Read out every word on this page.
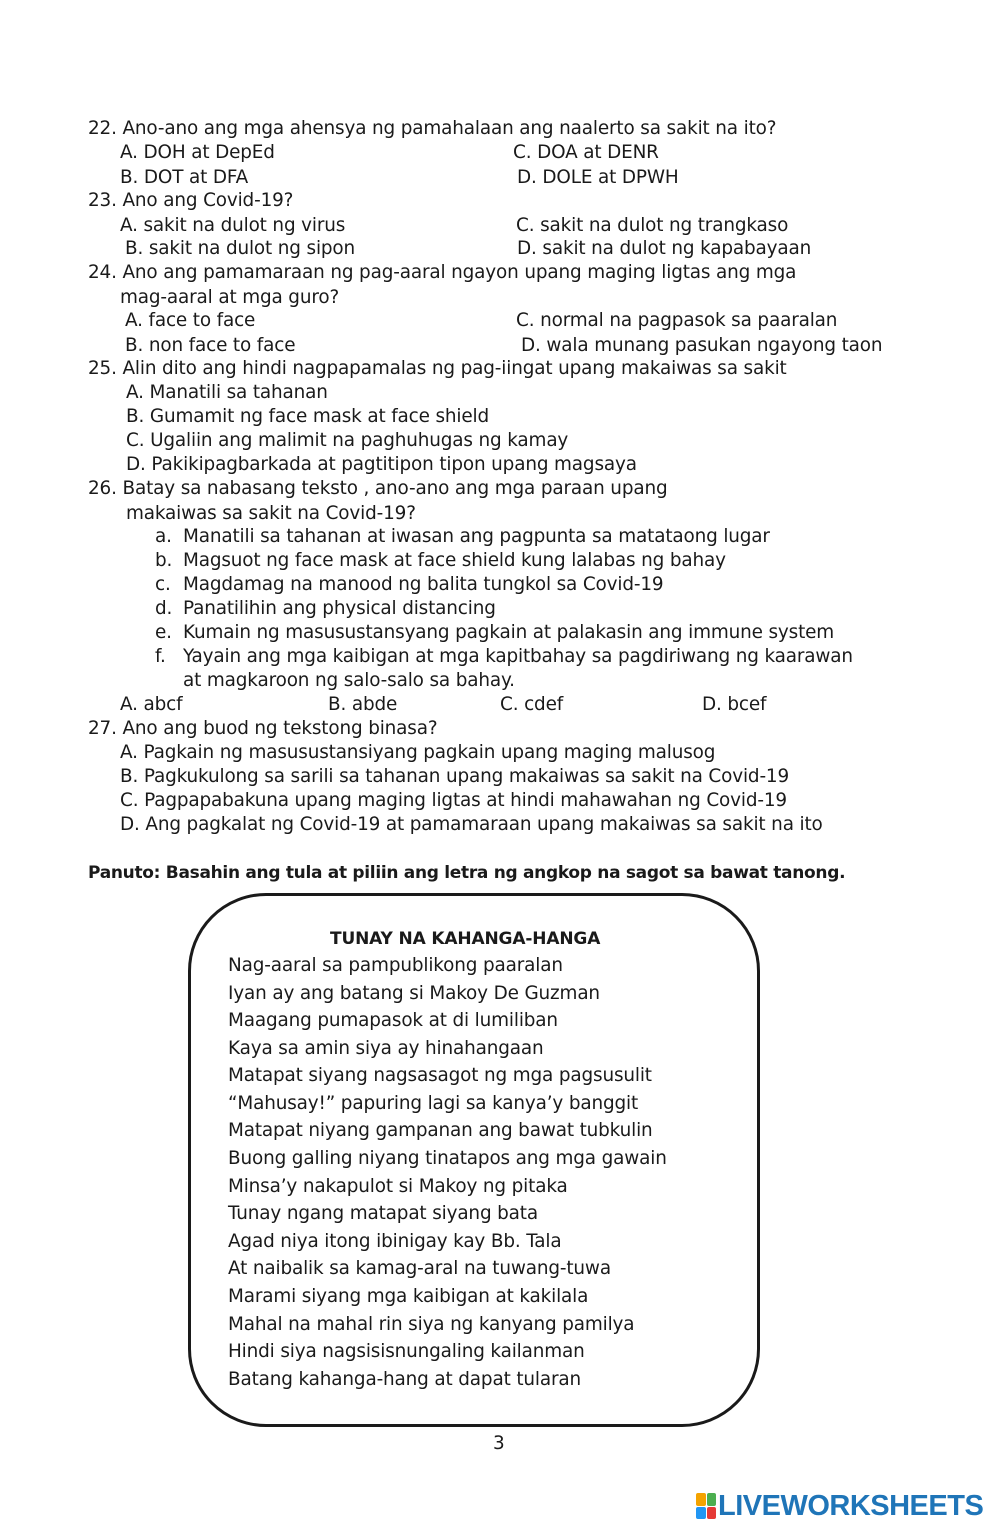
22. Ano-ano ang mga ahensya ng pamahalaan ang naalerto sa sakit na ito?
A. DOH at DepEd	C. DOA at DENR
B. DOT at DFA	D. DOLE at DPWH
23. Ano ang Covid-19?
A. sakit na dulot ng virus	C. sakit na dulot ng trangkaso
B. sakit na dulot ng sipon	D. sakit na dulot ng kapabayaan
24. Ano ang pamamaraan ng pag-aaral ngayon upang maging ligtas ang mga
mag-aaral at mga guro?
A. face to face	C. normal na pagpasok sa paaralan
B. non face to face	D. wala munang pasukan ngayong taon
25. Alin dito ang hindi nagpapamalas ng pag-iingat upang makaiwas sa sakit
A. Manatili sa tahanan
B. Gumamit ng face mask at face shield
C. Ugaliin ang malimit na paghuhugas ng kamay
D. Pakikipagbarkada at pagtitipon tipon upang magsaya
26. Batay sa nabasang teksto , ano-ano ang mga paraan upang
makaiwas sa sakit na Covid-19?
a. Manatili sa tahanan at iwasan ang pagpunta sa matataong lugar
b. Magsuot ng face mask at face shield kung lalabas ng bahay
c. Magdamag na manood ng balita tungkol sa Covid-19
d. Panatilihin ang physical distancing
e. Kumain ng masusustansyang pagkain at palakasin ang immune system
f. Yayain ang mga kaibigan at mga kapitbahay sa pagdiriwang ng kaarawan
at magkaroon ng salo-salo sa bahay.
A. abcf	B. abde	C. cdef	D. bcef
27. Ano ang buod ng tekstong binasa?
A. Pagkain ng masusustansiyang pagkain upang maging malusog
B. Pagkukulong sa sarili sa tahanan upang makaiwas sa sakit na Covid-19
C. Pagpapabakuna upang maging ligtas at hindi mahawahan ng Covid-19
D. Ang pagkalat ng Covid-19 at pamamaraan upang makaiwas sa sakit na ito
Panuto: Basahin ang tula at piliin ang letra ng angkop na sagot sa bawat tanong.
TUNAY NA KAHANGA-HANGA
Nag-aaral sa pampublikong paaralan
Iyan ay ang batang si Makoy De Guzman
Maagang pumapasok at di lumiliban
Kaya sa amin siya ay hinahangaan
Matapat siyang nagsasagot ng mga pagsusulit
“Mahusay!” papuring lagi sa kanya’y banggit
Matapat niyang gampanan ang bawat tubkulin
Buong galling niyang tinatapos ang mga gawain
Minsa’y nakapulot si Makoy ng pitaka
Tunay ngang matapat siyang bata
Agad niya itong ibinigay kay Bb. Tala
At naibalik sa kamag-aral na tuwang-tuwa
Marami siyang mga kaibigan at kakilala
Mahal na mahal rin siya ng kanyang pamilya
Hindi siya nagsisisnungaling kailanman
Batang kahanga-hang at dapat tularan
3
LIVEWORKSHEETS
